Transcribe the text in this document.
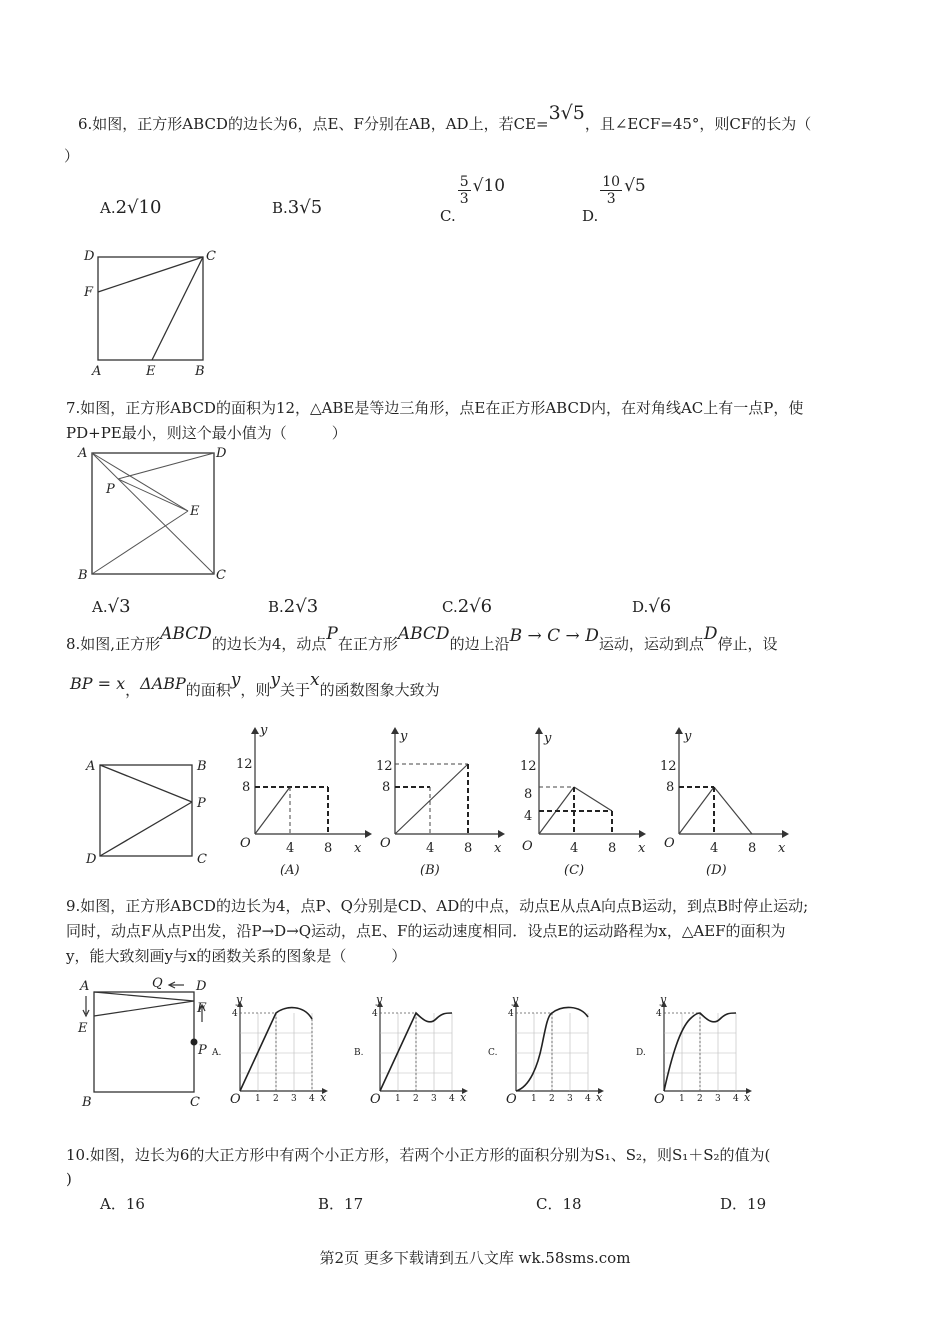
6.如图，正方形ABCD的边长为6，点E、F分别在AB，AD上，若CE=3√5，且∠ECF=45°，则CF的长为（
）
A.2√10	B.3√5	C.
$\frac{5}{3} √10$
D.
$\frac{10}{3} √5$
D	C
F
A	E	B
7.如图，正方形ABCD的面积为12，△ABE是等边三角形，点E在正方形ABCD内，在对角线AC上有一点P，使
PD+PE最小，则这个最小值为（　　　）
A	D
P
E
B	C
A.√3	B.2√3	C.2√6	D.√6
8.如图,正方形ABCD的边长为4，动点P在正方形ABCD的边上沿B → C → D运动，运动到点D停止，设
BP = x，ΔABP的面积y，则y关于x的函数图象大致为
A	B
P
D	C
y
12
8
O	4 8 x
(A)
y
12
8
O	4 8 x
(B)
y
12
8
4
O	4 8 x
(C)
y
12
8
O	4 8 x
(D)
9.如图，正方形ABCD的边长为4，点P、Q分别是CD、AD的中点，动点E从点A向点B运动，到点B时停止运动;
同时，动点F从点P出发，沿P→D→Q运动，点E、F的运动速度相同．设点E的运动路程为x，△AEF的面积为
y，能大致刻画y与x的函数关系的图象是（　　　）
A	Q	D
F
E
P
B	C
A.
4
1 2 3 4
O
y
x
B.
4
1 2 3 4
O
y
x
C.
4
1 2 3 4
O
y
x
D.
4
1 2 3 4
O
y
x
10.如图，边长为6的大正方形中有两个小正方形，若两个小正方形的面积分别为S₁、S₂，则S₁＋S₂的值为(
)
A．16	B．17	C．18	D．19
第2页 更多下载请到五八文库 wk.58sms.com
